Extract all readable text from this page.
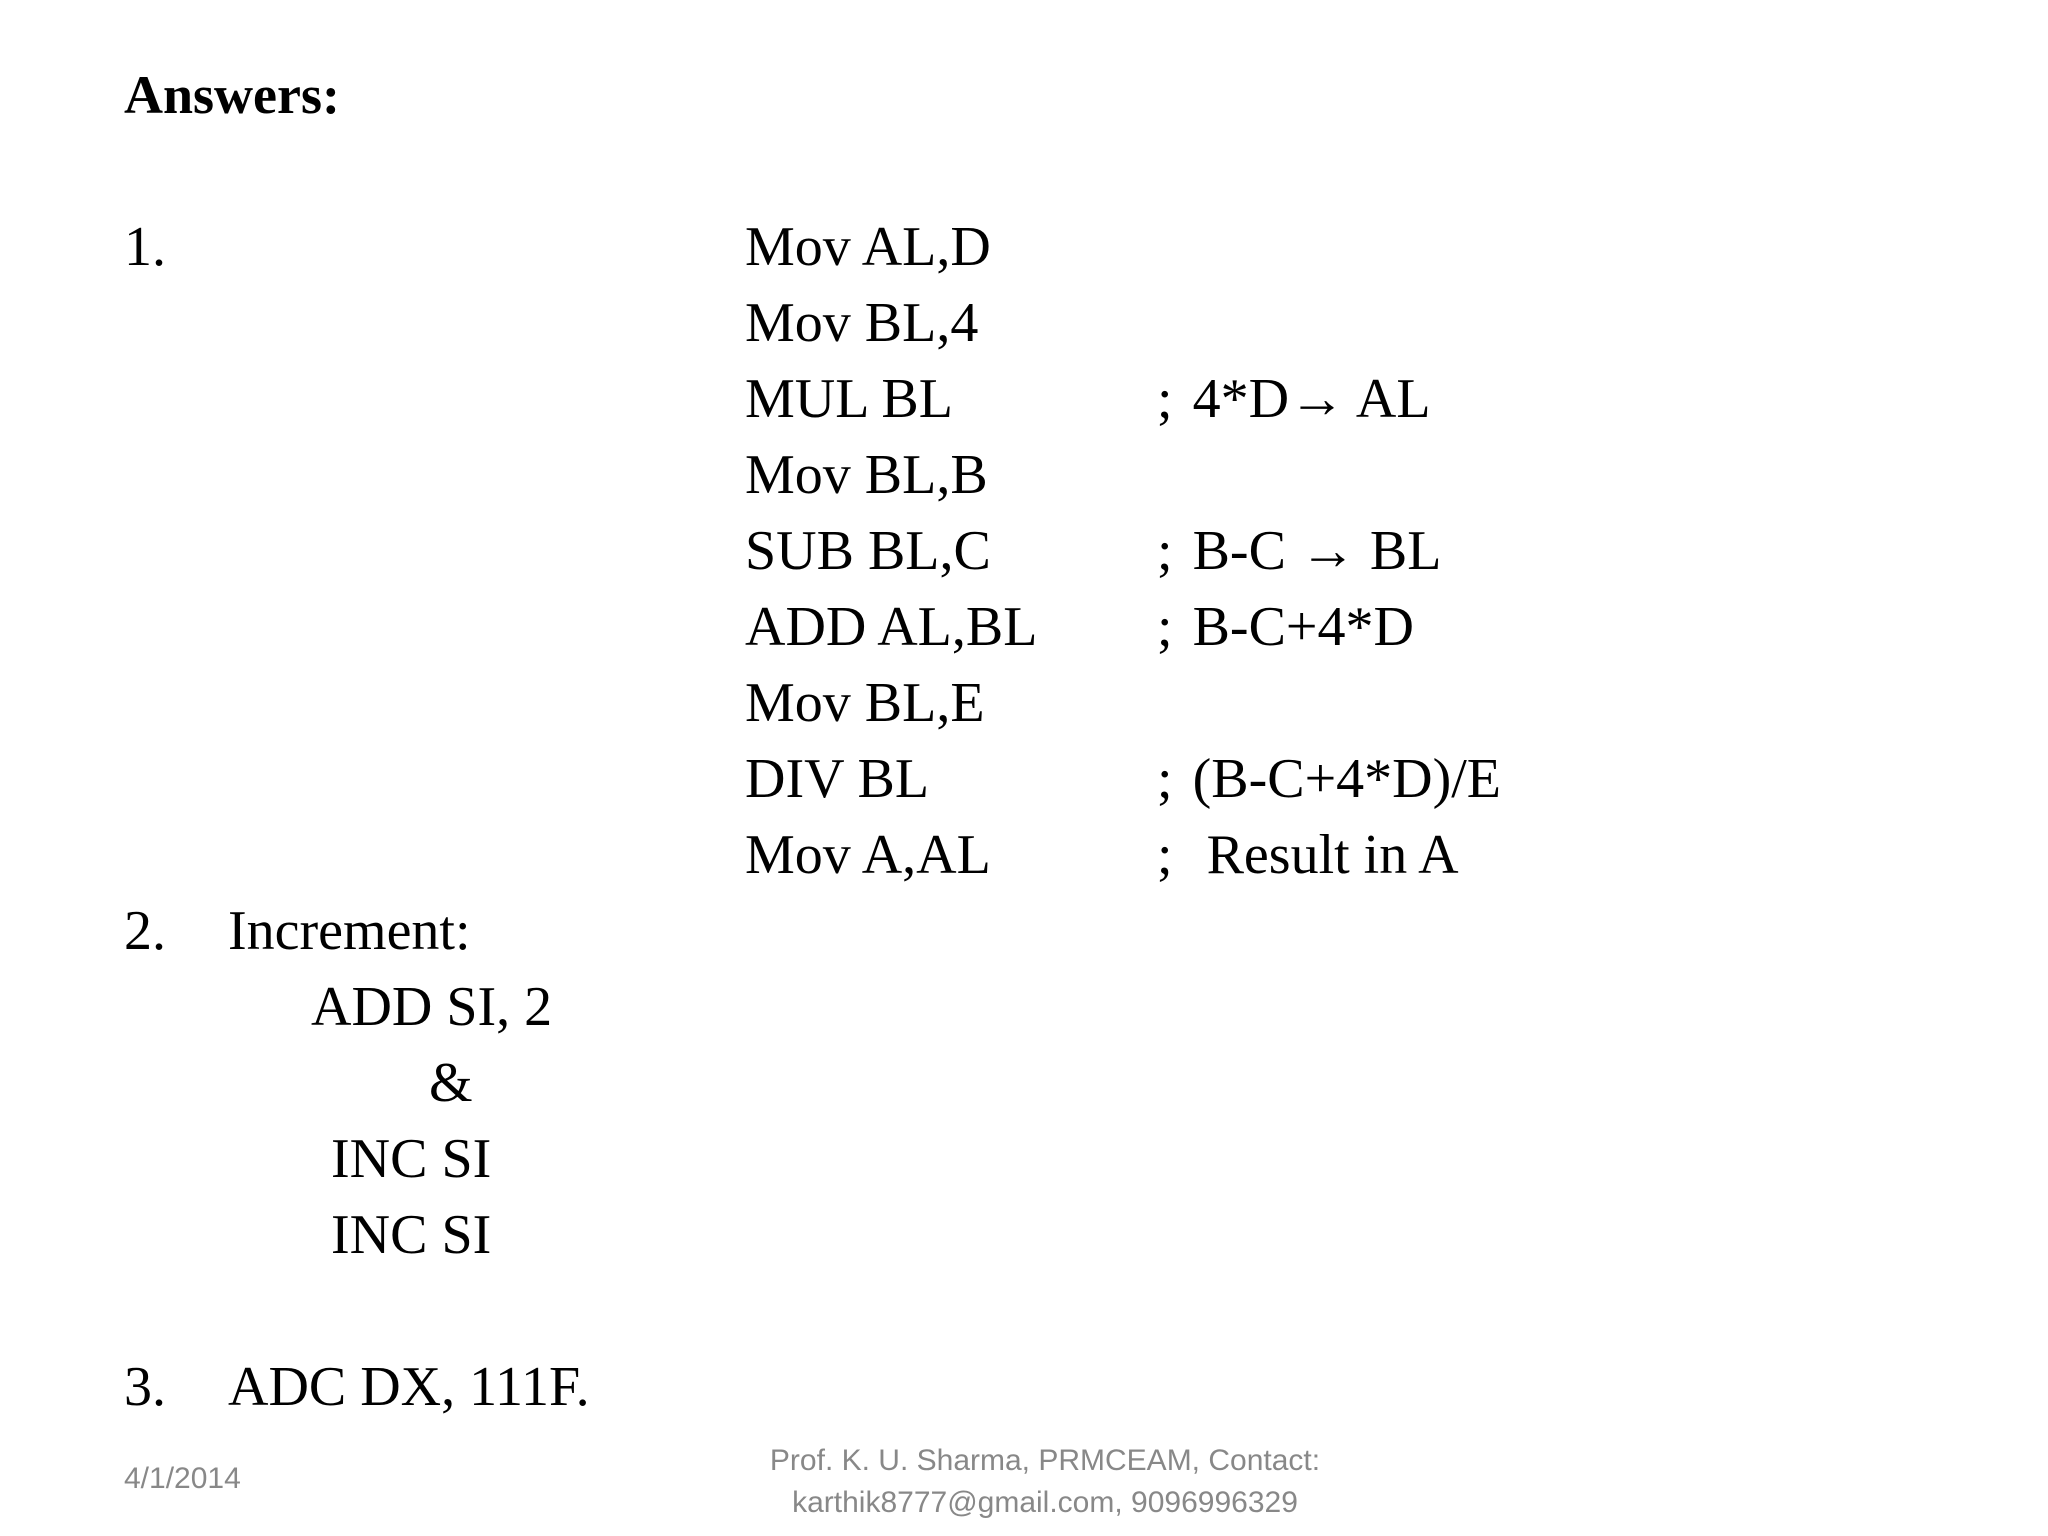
Answers:
1.	Mov AL,D
Mov BL,4
MUL BL
Mov BL,B
SUB BL,C
ADD AL,BL
Mov BL,E
DIV BL
Mov A,AL
; 4*D→ AL
; B-C → BL
; B-C+4*D
; (B-C+4*D)/E
; Result in A
2. Increment:
ADD SI, 2
&
INC SI
INC SI
3. ADC DX, 111F.
4/1/2014
Prof. K. U. Sharma, PRMCEAM, Contact:
karthik8777@gmail.com, 9096996329
